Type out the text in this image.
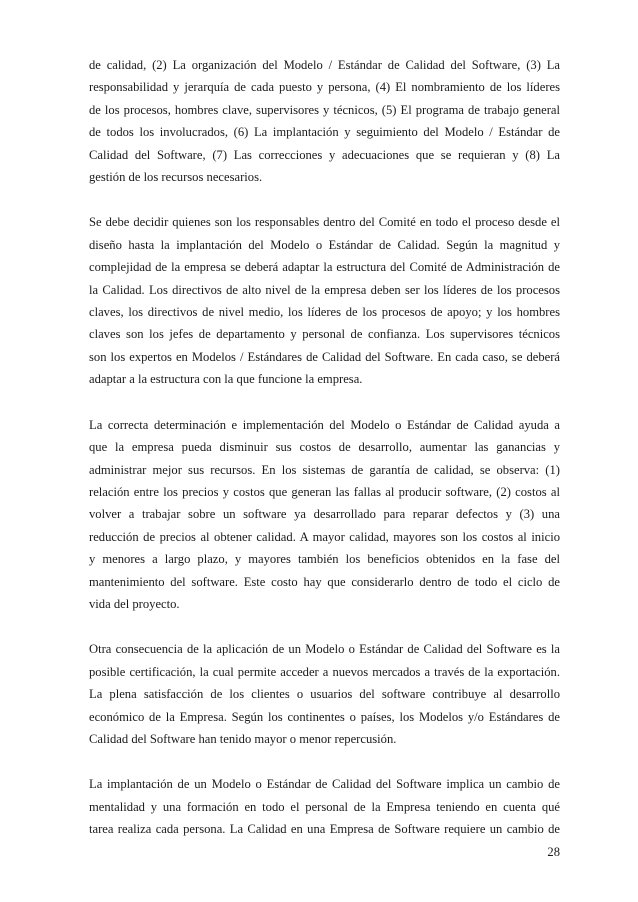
de calidad, (2) La organización del Modelo / Estándar de Calidad del Software, (3) La
responsabilidad y jerarquía de cada puesto y persona, (4) El nombramiento de los líderes
de los procesos, hombres clave, supervisores y técnicos, (5) El programa de trabajo general
de todos los involucrados, (6) La implantación y seguimiento del Modelo / Estándar de
Calidad del Software, (7) Las correcciones y adecuaciones que se requieran y (8) La
gestión de los recursos necesarios.

Se debe decidir quienes son los responsables dentro del Comité en todo el proceso desde el
diseño hasta la implantación del Modelo o Estándar de Calidad. Según la magnitud y
complejidad de la empresa se deberá adaptar la estructura del Comité de Administración de
la Calidad. Los directivos de alto nivel de la empresa deben ser los líderes de los procesos
claves, los directivos de nivel medio, los líderes de los procesos de apoyo; y los hombres
claves son los jefes de departamento y personal de confianza. Los supervisores técnicos
son los expertos en Modelos / Estándares de Calidad del Software. En cada caso, se deberá
adaptar a la estructura con la que funcione la empresa.

La correcta determinación e implementación del Modelo o Estándar de Calidad ayuda a
que la empresa pueda disminuir sus costos de desarrollo, aumentar las ganancias y
administrar mejor sus recursos. En los sistemas de garantía de calidad, se observa: (1)
relación entre los precios y costos que generan las fallas al producir software, (2) costos al
volver a trabajar sobre un software ya desarrollado para reparar defectos y (3) una
reducción de precios al obtener calidad. A mayor calidad, mayores son los costos al inicio
y menores a largo plazo, y mayores también los beneficios obtenidos en la fase del
mantenimiento del software. Este costo hay que considerarlo dentro de todo el ciclo de
vida del proyecto.

Otra consecuencia de la aplicación de un Modelo o Estándar de Calidad del Software es la
posible certificación, la cual permite acceder a nuevos mercados a través de la exportación.
La plena satisfacción de los clientes o usuarios del software contribuye al desarrollo
económico de la Empresa. Según los continentes o países, los Modelos y/o Estándares de
Calidad del Software han tenido mayor o menor repercusión.

La implantación de un Modelo o Estándar de Calidad del Software implica un cambio de
mentalidad y una formación en todo el personal de la Empresa teniendo en cuenta qué
tarea realiza cada persona. La Calidad en una Empresa de Software requiere un cambio de

28
